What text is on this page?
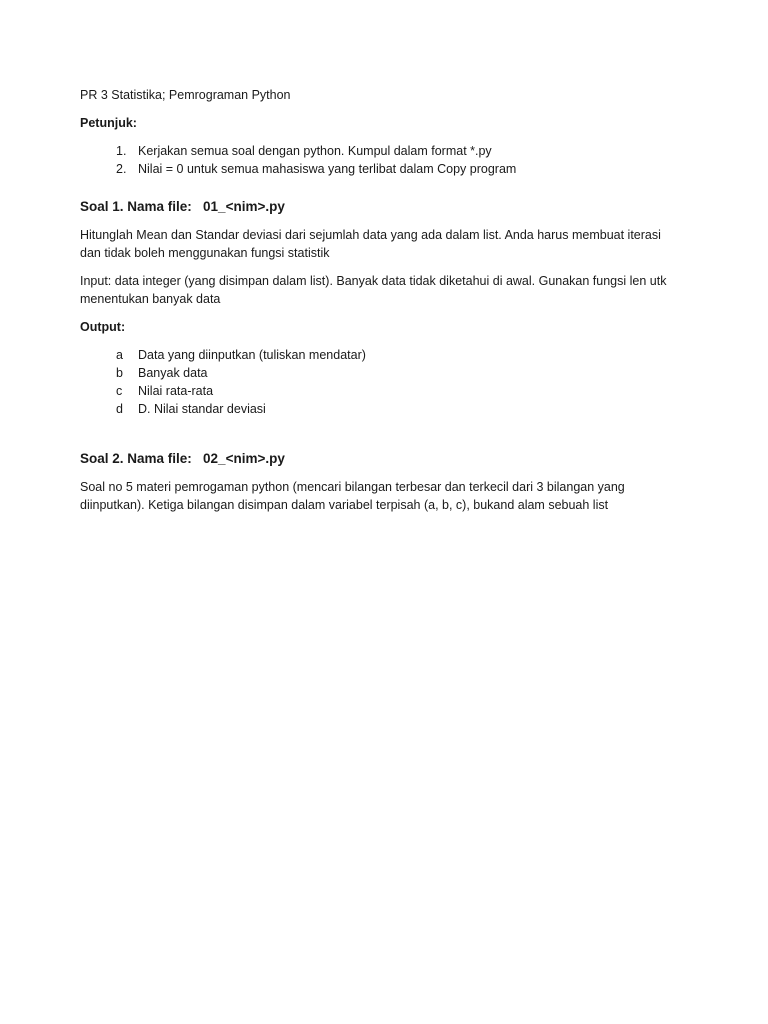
PR 3 Statistika; Pemrograman Python

Petunjuk:

1. Kerjakan semua soal dengan python. Kumpul dalam format *.py
2. Nilai = 0 untuk semua mahasiswa yang terlibat dalam Copy program

Soal 1. Nama file:   01_<nim>.py

Hitunglah Mean dan Standar deviasi dari sejumlah data yang ada dalam list. Anda harus membuat iterasi dan tidak boleh menggunakan fungsi statistik

Input: data integer (yang disimpan dalam list). Banyak data tidak diketahui di awal. Gunakan fungsi len utk menentukan banyak data

Output:

a	Data yang diinputkan (tuliskan mendatar)
b	Banyak data
c	Nilai rata-rata
d	D. Nilai standar deviasi

Soal 2. Nama file:   02_<nim>.py

Soal no 5 materi pemrogaman python (mencari bilangan terbesar dan terkecil dari 3 bilangan yang diinputkan). Ketiga bilangan disimpan dalam variabel terpisah (a, b, c), bukand alam sebuah list
